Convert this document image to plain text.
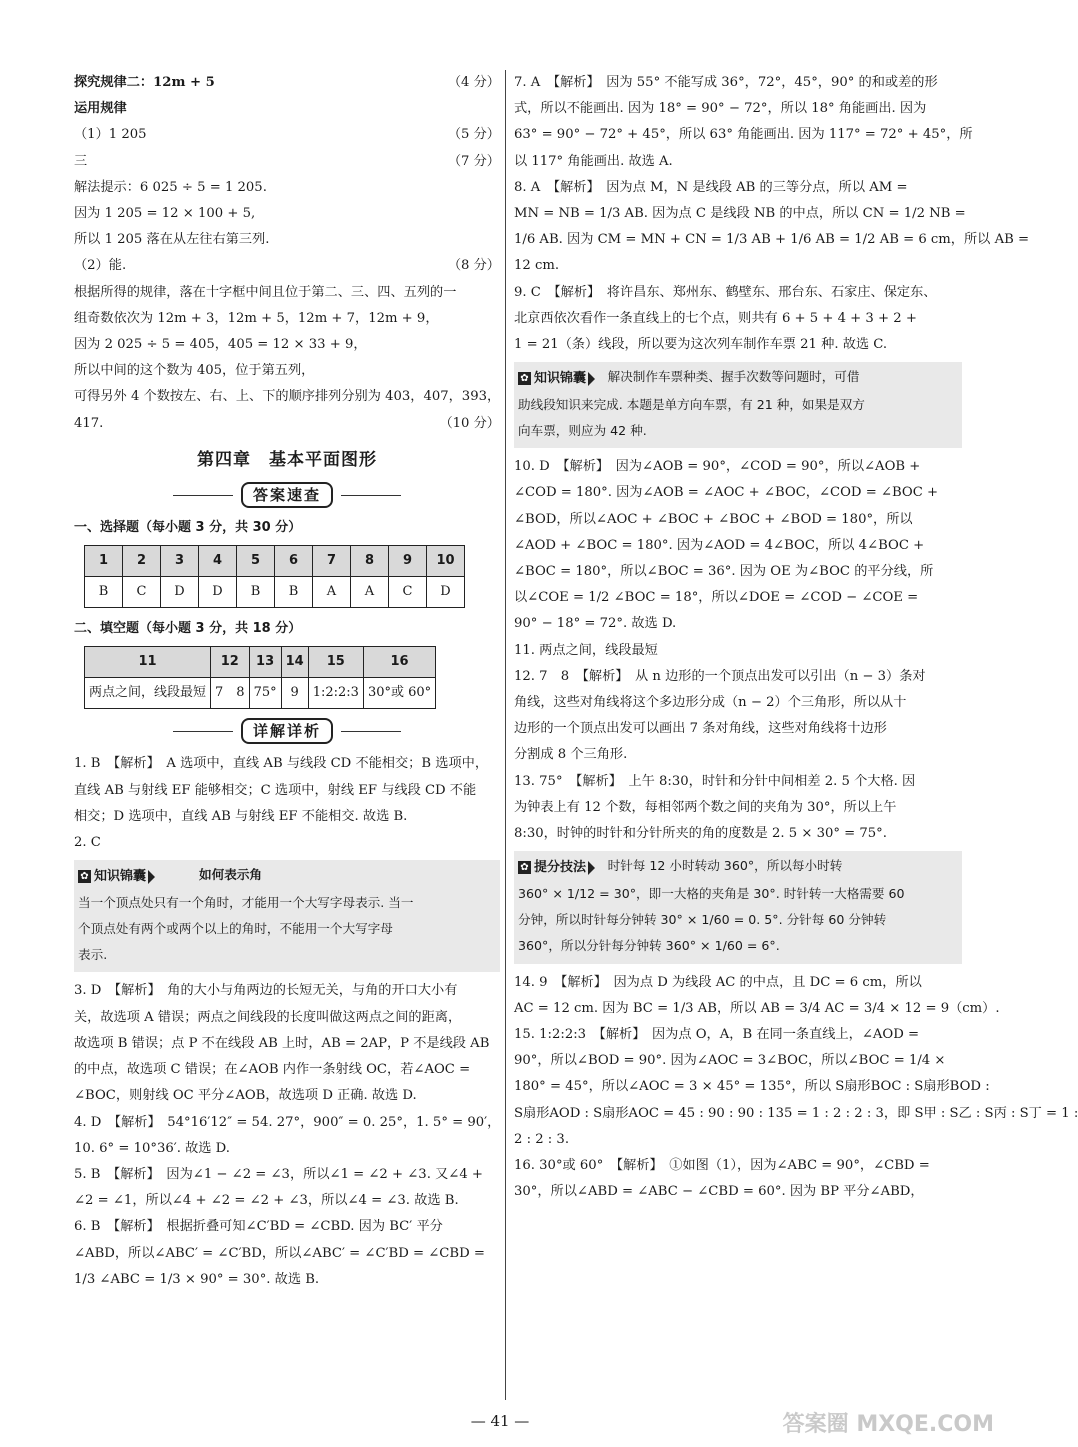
探究规律二：12m + 5	（4 分）
运用规律
（1）1 205	（5 分）
三	（7 分）
解法提示：6 025 ÷ 5 = 1 205.
因为 1 205 = 12 × 100 + 5,
所以 1 205 落在从左往右第三列.
（2）能.	（8 分）
根据所得的规律，落在十字框中间且位于第二、三、四、五列的一
组奇数依次为 12m + 3，12m + 5，12m + 7，12m + 9，
因为 2 025 ÷ 5 = 405，405 = 12 × 33 + 9，
所以中间的这个数为 405，位于第五列，
可得另外 4 个数按左、右、上、下的顺序排列分别为 403，407，393，
417.	（10 分）
第四章　基本平面图形
答案速查
一、选择题（每小题 3 分，共 30 分）
1	2	3	4	5	6	7	8	9	10
B	C	D	D	B	B	A	A	C	D
二、填空题（每小题 3 分，共 18 分）
11	12	13	14	15	16
两点之间，线段最短	7　8	75°	9	1:2:2:3	30°或 60°
详解详析
1. B　【解析】　A 选项中，直线 AB 与线段 CD 不能相交；B 选项中，
直线 AB 与射线 EF 能够相交；C 选项中，射线 EF 与线段 CD 不能
相交；D 选项中，直线 AB 与射线 EF 不能相交. 故选 B.
2. C
✿ 知识锦囊	如何表示角
当一个顶点处只有一个角时，才能用一个大写字母表示. 当一
个顶点处有两个或两个以上的角时，不能用一个大写字母
表示.
3. D　【解析】　角的大小与角两边的长短无关，与角的开口大小有
关，故选项 A 错误；两点之间线段的长度叫做这两点之间的距离，
故选项 B 错误；点 P 不在线段 AB 上时，AB = 2AP，P 不是线段 AB
的中点，故选项 C 错误；在∠AOB 内作一条射线 OC，若∠AOC =
∠BOC，则射线 OC 平分∠AOB，故选项 D 正确. 故选 D.
4. D　【解析】　54°16′12″ = 54. 27°，900″ = 0. 25°，1. 5° = 90′，
10. 6° = 10°36′. 故选 D.
5. B　【解析】　因为∠1 − ∠2 = ∠3，所以∠1 = ∠2 + ∠3. 又∠4 +
∠2 = ∠1，所以∠4 + ∠2 = ∠2 + ∠3，所以∠4 = ∠3. 故选 B.
6. B　【解析】　根据折叠可知∠C′BD = ∠CBD. 因为 BC′ 平分
∠ABD，所以∠ABC′ = ∠C′BD，所以∠ABC′ = ∠C′BD = ∠CBD =
1/3 ∠ABC = 1/3 × 90° = 30°. 故选 B.
7. A　【解析】　因为 55° 不能写成 36°，72°，45°，90° 的和或差的形
式，所以不能画出. 因为 18° = 90° − 72°，所以 18° 角能画出. 因为
63° = 90° − 72° + 45°，所以 63° 角能画出. 因为 117° = 72° + 45°，所
以 117° 角能画出. 故选 A.
8. A　【解析】　因为点 M，N 是线段 AB 的三等分点，所以 AM =
MN = NB = 1/3 AB. 因为点 C 是线段 NB 的中点，所以 CN = 1/2 NB =
1/6 AB. 因为 CM = MN + CN = 1/3 AB + 1/6 AB = 1/2 AB = 6 cm，所以 AB =
12 cm.
9. C　【解析】　将许昌东、郑州东、鹤壁东、邢台东、石家庄、保定东、
北京西依次看作一条直线上的七个点，则共有 6 + 5 + 4 + 3 + 2 +
1 = 21（条）线段，所以要为这次列车制作车票 21 种. 故选 C.
✿ 知识锦囊 　解决制作车票种类、握手次数等问题时，可借
助线段知识来完成. 本题是单方向车票，有 21 种，如果是双方
向车票，则应为 42 种.
10. D　【解析】　因为∠AOB = 90°，∠COD = 90°，所以∠AOB +
∠COD = 180°. 因为∠AOB = ∠AOC + ∠BOC，∠COD = ∠BOC +
∠BOD，所以∠AOC + ∠BOC + ∠BOC + ∠BOD = 180°，所以
∠AOD + ∠BOC = 180°. 因为∠AOD = 4∠BOC，所以 4∠BOC +
∠BOC = 180°，所以∠BOC = 36°. 因为 OE 为∠BOC 的平分线，所
以∠COE = 1/2 ∠BOC = 18°，所以∠DOE = ∠COD − ∠COE =
90° − 18° = 72°. 故选 D.
11. 两点之间，线段最短
12. 7　8　【解析】　从 n 边形的一个顶点出发可以引出（n − 3）条对
角线，这些对角线将这个多边形分成（n − 2）个三角形，所以从十
边形的一个顶点出发可以画出 7 条对角线，这些对角线将十边形
分割成 8 个三角形.
13. 75°　【解析】　上午 8:30，时针和分针中间相差 2. 5 个大格. 因
为钟表上有 12 个数，每相邻两个数之间的夹角为 30°，所以上午
8:30，时钟的时针和分针所夹的角的度数是 2. 5 × 30° = 75°.
✿ 提分技法 　时针每 12 小时转动 360°，所以每小时转
360° × 1/12 = 30°，即一大格的夹角是 30°. 时针转一大格需要 60
分钟，所以时针每分钟转 30° × 1/60 = 0. 5°. 分针每 60 分钟转
360°，所以分针每分钟转 360° × 1/60 = 6°.
14. 9　【解析】　因为点 D 为线段 AC 的中点，且 DC = 6 cm，所以
AC = 12 cm. 因为 BC = 1/3 AB，所以 AB = 3/4 AC = 3/4 × 12 = 9（cm）.
15. 1:2:2:3　【解析】　因为点 O，A，B 在同一条直线上，∠AOD =
90°，所以∠BOD = 90°. 因为∠AOC = 3∠BOC，所以∠BOC = 1/4 ×
180° = 45°，所以∠AOC = 3 × 45° = 135°，所以 S扇形BOC : S扇形BOD :
S扇形AOD : S扇形AOC = 45 : 90 : 90 : 135 = 1 : 2 : 2 : 3，即 S甲 : S乙 : S丙 : S丁 = 1 :
2 : 2 : 3.
16. 30°或 60°　【解析】　①如图（1），因为∠ABC = 90°，∠CBD =
30°，所以∠ABD = ∠ABC − ∠CBD = 60°. 因为 BP 平分∠ABD，
— 41 —	答案圈 MXQE.COM
